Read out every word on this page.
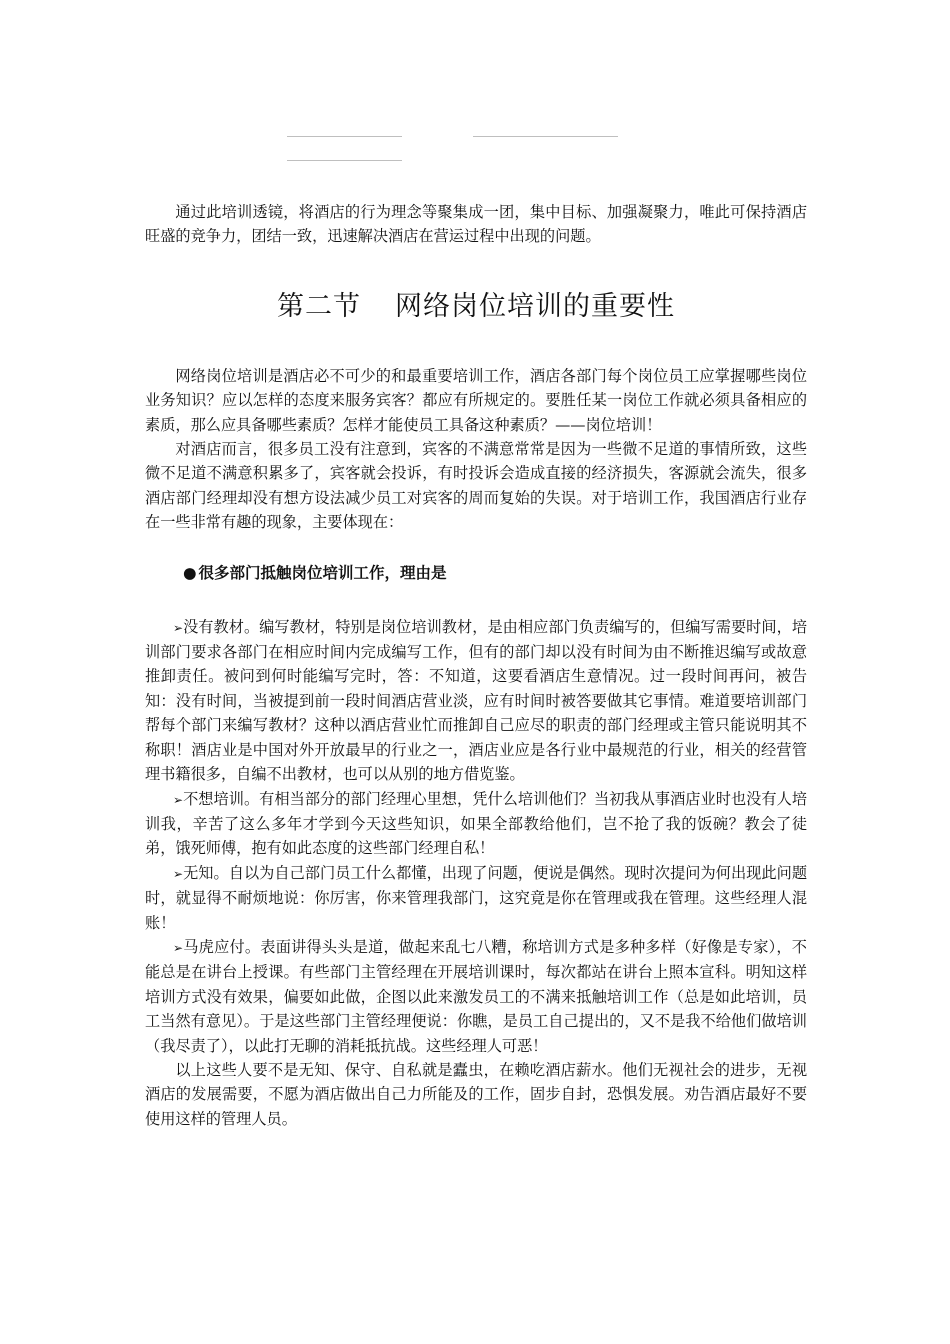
通过此培训透镜，将酒店的行为理念等聚集成一团，集中目标、加强凝聚力，唯此可保持酒店旺盛的竞争力，团结一致，迅速解决酒店在营运过程中出现的问题。

第二节 网络岗位培训的重要性

网络岗位培训是酒店必不可少的和最重要培训工作，酒店各部门每个岗位员工应掌握哪些岗位业务知识？应以怎样的态度来服务宾客？都应有所规定的。要胜任某一岗位工作就必须具备相应的素质，那么应具备哪些素质？怎样才能使员工具备这种素质？——岗位培训！

对酒店而言，很多员工没有注意到，宾客的不满意常常是因为一些微不足道的事情所致，这些微不足道不满意积累多了，宾客就会投诉，有时投诉会造成直接的经济损失，客源就会流失，很多酒店部门经理却没有想方设法减少员工对宾客的周而复始的失误。对于培训工作，我国酒店行业存在一些非常有趣的现象，主要体现在：

● 很多部门抵触岗位培训工作，理由是

➢没有教材。编写教材，特别是岗位培训教材，是由相应部门负责编写的，但编写需要时间，培训部门要求各部门在相应时间内完成编写工作，但有的部门却以没有时间为由不断推迟编写或故意推卸责任。被问到何时能编写完时，答：不知道，这要看酒店生意情况。过一段时间再问，被告知：没有时间，当被提到前一段时间酒店营业淡，应有时间时被答要做其它事情。难道要培训部门帮每个部门来编写教材？这种以酒店营业忙而推卸自己应尽的职责的部门经理或主管只能说明其不称职！酒店业是中国对外开放最早的行业之一，酒店业应是各行业中最规范的行业，相关的经营管理书籍很多，自编不出教材，也可以从别的地方借览鉴。

➢不想培训。有相当部分的部门经理心里想，凭什么培训他们？当初我从事酒店业时也没有人培训我，辛苦了这么多年才学到今天这些知识，如果全部教给他们，岂不抢了我的饭碗？教会了徒弟，饿死师傅，抱有如此态度的这些部门经理自私！

➢无知。自以为自己部门员工什么都懂，出现了问题，便说是偶然。现时次提问为何出现此问题时，就显得不耐烦地说：你厉害，你来管理我部门，这究竟是你在管理或我在管理。这些经理人混账！

➢马虎应付。表面讲得头头是道，做起来乱七八糟，称培训方式是多种多样（好像是专家），不能总是在讲台上授课。有些部门主管经理在开展培训课时，每次都站在讲台上照本宣科。明知这样培训方式没有效果，偏要如此做，企图以此来激发员工的不满来抵触培训工作（总是如此培训，员工当然有意见）。于是这些部门主管经理便说：你瞧，是员工自己提出的，又不是我不给他们做培训（我尽责了），以此打无聊的消耗抵抗战。这些经理人可恶！

以上这些人要不是无知、保守、自私就是蠹虫，在赖吃酒店薪水。他们无视社会的进步，无视酒店的发展需要，不愿为酒店做出自己力所能及的工作，固步自封，恐惧发展。劝告酒店最好不要使用这样的管理人员。
